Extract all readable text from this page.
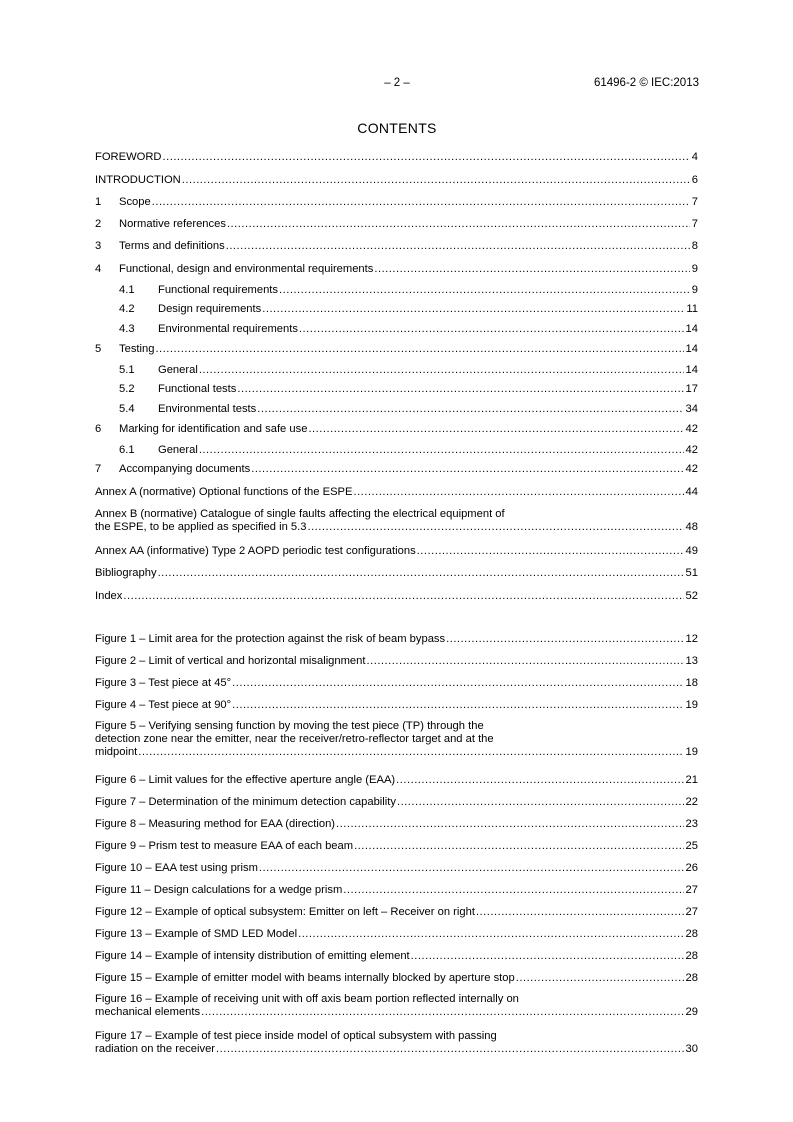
– 2 –	61496-2 © IEC:2013
CONTENTS
FOREWORD .....	4
INTRODUCTION .....	6
1	Scope .....	7
2	Normative references .....	7
3	Terms and definitions .....	8
4	Functional, design and environmental requirements .....	9
4.1	Functional requirements .....	9
4.2	Design requirements .....	11
4.3	Environmental requirements .....	14
5	Testing .....	14
5.1	General .....	14
5.2	Functional tests .....	17
5.4	Environmental tests .....	34
6	Marking for identification and safe use .....	42
6.1	General .....	42
7	Accompanying documents .....	42
Annex A (normative) Optional functions of the ESPE .....	44
Annex B (normative) Catalogue of single faults affecting the electrical equipment of
the ESPE, to be applied as specified in 5.3 .....	48
Annex AA (informative) Type 2 AOPD periodic test configurations .....	49
Bibliography .....	51
Index .....	52
Figure 1 – Limit area for the protection against the risk of beam bypass .....	12
Figure 2 – Limit of vertical and horizontal misalignment .....	13
Figure 3 – Test piece at 45° .....	18
Figure 4 – Test piece at 90° .....	19
Figure 5 – Verifying sensing function by moving the test piece (TP) through the
detection zone near the emitter, near the receiver/retro-reflector target and at the
midpoint .....	19
Figure 6 – Limit values for the effective aperture angle (EAA) .....	21
Figure 7 – Determination of the minimum detection capability .....	22
Figure 8 – Measuring method for EAA (direction) .....	23
Figure 9 – Prism test to measure EAA of each beam .....	25
Figure 10 – EAA test using prism .....	26
Figure 11 – Design calculations for a wedge prism .....	27
Figure 12 – Example of optical subsystem: Emitter on left – Receiver on right .....	27
Figure 13 – Example of SMD LED Model .....	28
Figure 14 – Example of intensity distribution of emitting element .....	28
Figure 15 – Example of emitter model with beams internally blocked by aperture stop .....	28
Figure 16 – Example of receiving unit with off axis beam portion reflected internally on
mechanical elements .....	29
Figure 17 – Example of test piece inside model of optical subsystem with passing
radiation on the receiver .....	30
